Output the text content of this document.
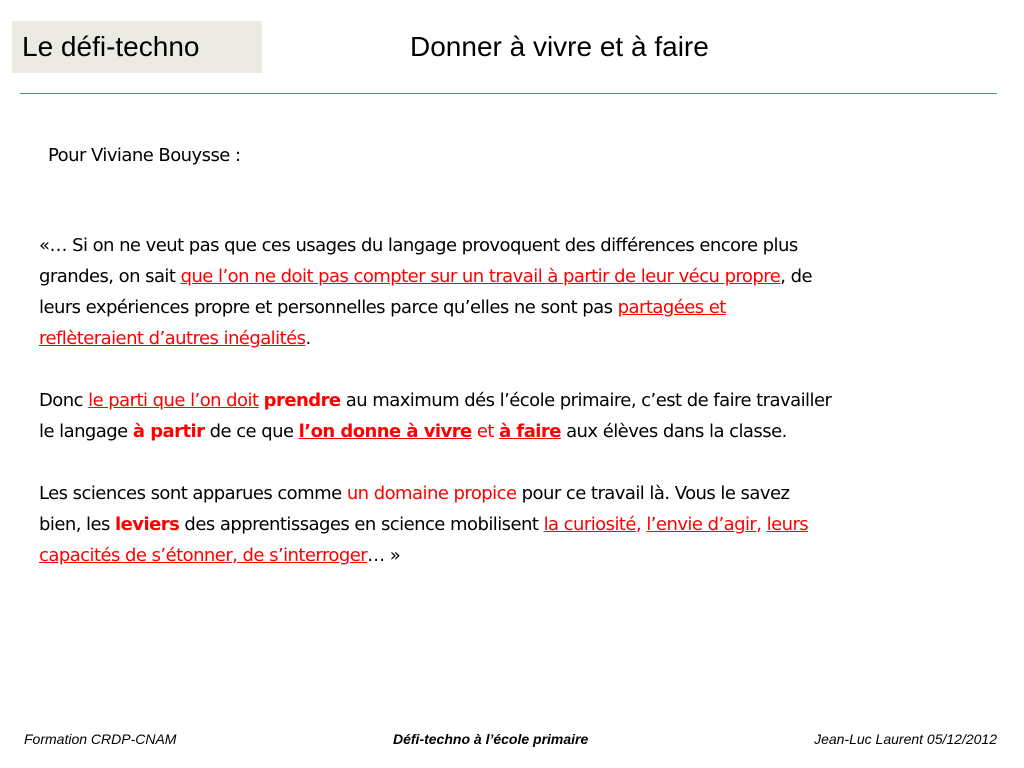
Le défi-techno	Donner à vivre et à faire
Pour Viviane Bouysse :

«… Si on ne veut pas que ces usages du langage provoquent des différences encore plus
grandes, on sait que l’on ne doit pas compter sur un travail à partir de leur vécu propre, de
leurs expériences propre et personnelles parce qu’elles ne sont pas partagées et
reflèteraient d’autres inégalités.

Donc le parti que l’on doit prendre au maximum dés l’école primaire, c’est de faire travailler
le langage à partir de ce que l’on donne à vivre et à faire aux élèves dans la classe.

Les sciences sont apparues comme un domaine propice pour ce travail là. Vous le savez
bien, les leviers des apprentissages en science mobilisent la curiosité, l’envie d’agir, leurs
capacités de s’étonner, de s’interroger… »

Formation CRDP-CNAM	Défi-techno à l’école primaire	Jean-Luc Laurent 05/12/2012
